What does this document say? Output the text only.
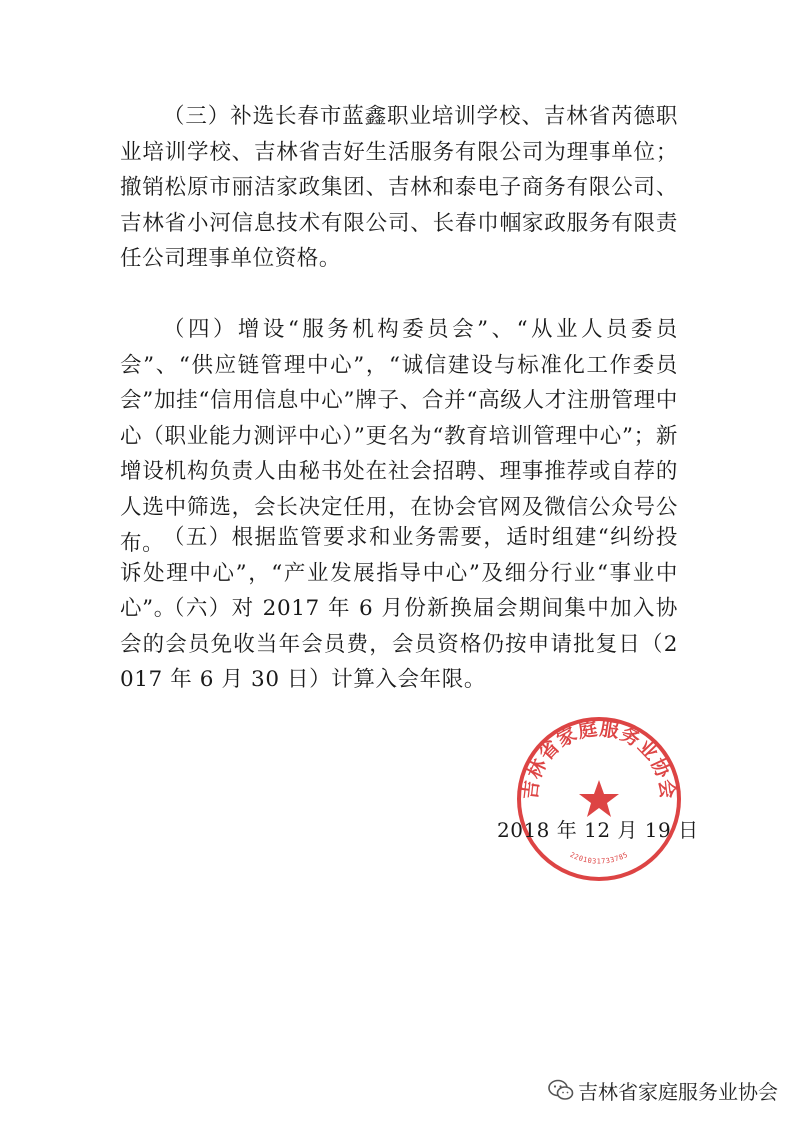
（三）补选长春市蓝鑫职业培训学校、吉林省芮德职业培训学校、吉林省吉好生活服务有限公司为理事单位；撤销松原市丽洁家政集团、吉林和泰电子商务有限公司、吉林省小河信息技术有限公司、长春巾帼家政服务有限责任公司理事单位资格。

（四）增设“服务机构委员会”、“从业人员委员会”、“供应链管理中心”，“诚信建设与标准化工作委员会”加挂“信用信息中心”牌子、合并“高级人才注册管理中心（职业能力测评中心）”更名为“教育培训管理中心”；新增设机构负责人由秘书处在社会招聘、理事推荐或自荐的人选中筛选，会长决定任用，在协会官网及微信公众号公布。

（五）根据监管要求和业务需要，适时组建“纠纷投诉处理中心”，“产业发展指导中心”及细分行业“事业中心”。

（六）对 2017 年 6 月份新换届会期间集中加入协会的会员免收当年会员费，会员资格仍按申请批复日（2017 年 6 月 30 日）计算入会年限。

吉林省家庭服务业协会
2201031733785
2018 年 12 月 19 日
吉林省家庭服务业协会
